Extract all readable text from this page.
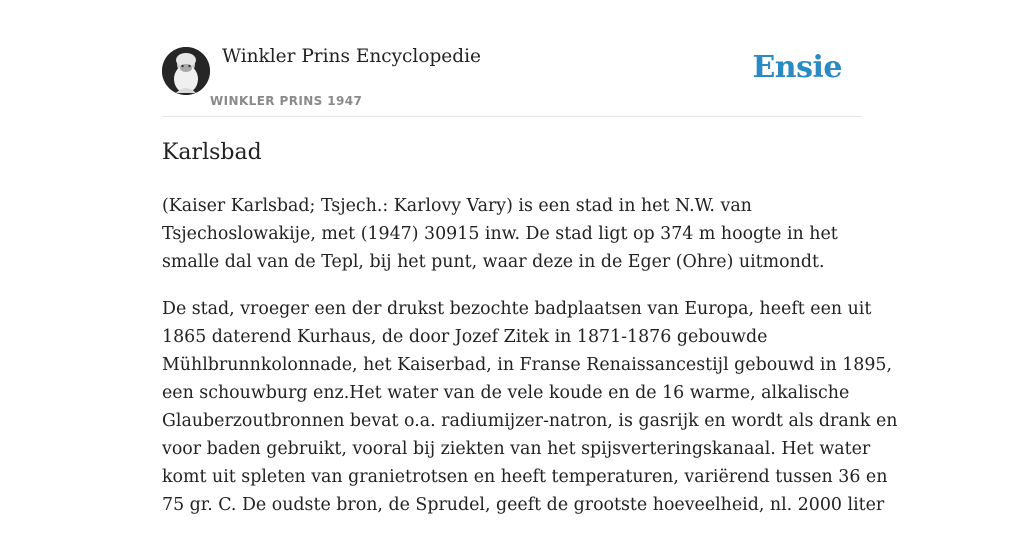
Winkler Prins Encyclopedie
WINKLER PRINS 1947
Ensie
Karlsbad

(Kaiser Karlsbad; Tsjech.: Karlovy Vary) is een stad in het N.W. van
Tsjechoslowakije, met (1947) 30915 inw. De stad ligt op 374 m hoogte in het
smalle dal van de Tepl, bij het punt, waar deze in de Eger (Ohre) uitmondt.

De stad, vroeger een der drukst bezochte badplaatsen van Europa, heeft een uit
1865 daterend Kurhaus, de door Jozef Zitek in 1871-1876 gebouwde
Mühlbrunnkolonnade, het Kaiserbad, in Franse Renaissancestijl gebouwd in 1895,
een schouwburg enz.Het water van de vele koude en de 16 warme, alkalische
Glauberzoutbronnen bevat o.a. radiumijzer-natron, is gasrijk en wordt als drank en
voor baden gebruikt, vooral bij ziekten van het spijsverteringskanaal. Het water
komt uit spleten van granietrotsen en heeft temperaturen, variërend tussen 36 en
75 gr. C. De oudste bron, de Sprudel, geeft de grootste hoeveelheid, nl. 2000 liter
